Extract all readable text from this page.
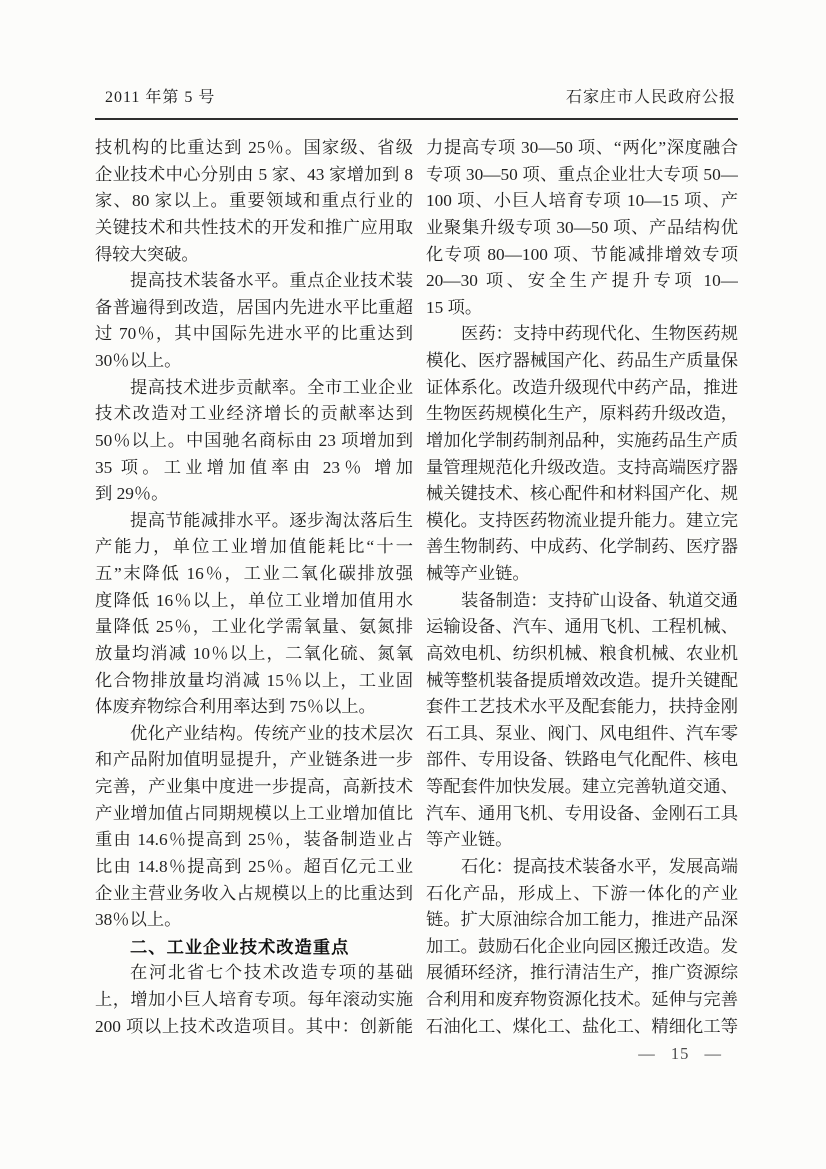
2011 年第 5 号	石家庄市人民政府公报
技机构的比重达到 25％。国家级、省级
企业技术中心分别由 5 家、43 家增加到 8
家、80 家以上。重要领域和重点行业的
关键技术和共性技术的开发和推广应用取
得较大突破。
提高技术装备水平。重点企业技术装
备普遍得到改造，居国内先进水平比重超
过 70％，其中国际先进水平的比重达到
30％以上。
提高技术进步贡献率。全市工业企业
技术改造对工业经济增长的贡献率达到
50％以上。中国驰名商标由 23 项增加到
35 项。工业增加值率由 23％ 增加
到 29％。
提高节能减排水平。逐步淘汰落后生
产能力，单位工业增加值能耗比“十一
五”末降低 16％，工业二氧化碳排放强
度降低 16％以上，单位工业增加值用水
量降低 25％，工业化学需氧量、氨氮排
放量均消减 10％以上，二氧化硫、氮氧
化合物排放量均消减 15％以上，工业固
体废弃物综合利用率达到 75％以上。
优化产业结构。传统产业的技术层次
和产品附加值明显提升，产业链条进一步
完善，产业集中度进一步提高，高新技术
产业增加值占同期规模以上工业增加值比
重由 14.6％提高到 25％，装备制造业占
比由 14.8％提高到 25％。超百亿元工业
企业主营业务收入占规模以上的比重达到
38％以上。
二、工业企业技术改造重点
在河北省七个技术改造专项的基础
上，增加小巨人培育专项。每年滚动实施
200 项以上技术改造项目。其中：创新能
力提高专项 30—50 项、“两化”深度融合
专项 30—50 项、重点企业壮大专项 50—
100 项、小巨人培育专项 10—15 项、产
业聚集升级专项 30—50 项、产品结构优
化专项 80—100 项、节能减排增效专项
20—30 项、安全生产提升专项 10—
15 项。
医药：支持中药现代化、生物医药规
模化、医疗器械国产化、药品生产质量保
证体系化。改造升级现代中药产品，推进
生物医药规模化生产，原料药升级改造，
增加化学制药制剂品种，实施药品生产质
量管理规范化升级改造。支持高端医疗器
械关键技术、核心配件和材料国产化、规
模化。支持医药物流业提升能力。建立完
善生物制药、中成药、化学制药、医疗器
械等产业链。
装备制造：支持矿山设备、轨道交通
运输设备、汽车、通用飞机、工程机械、
高效电机、纺织机械、粮食机械、农业机
械等整机装备提质增效改造。提升关键配
套件工艺技术水平及配套能力，扶持金刚
石工具、泵业、阀门、风电组件、汽车零
部件、专用设备、铁路电气化配件、核电
等配套件加快发展。建立完善轨道交通、
汽车、通用飞机、专用设备、金刚石工具
等产业链。
石化：提高技术装备水平，发展高端
石化产品，形成上、下游一体化的产业
链。扩大原油综合加工能力，推进产品深
加工。鼓励石化企业向园区搬迁改造。发
展循环经济，推行清洁生产，推广资源综
合利用和废弃物资源化技术。延伸与完善
石油化工、煤化工、盐化工、精细化工等
— 15 —
